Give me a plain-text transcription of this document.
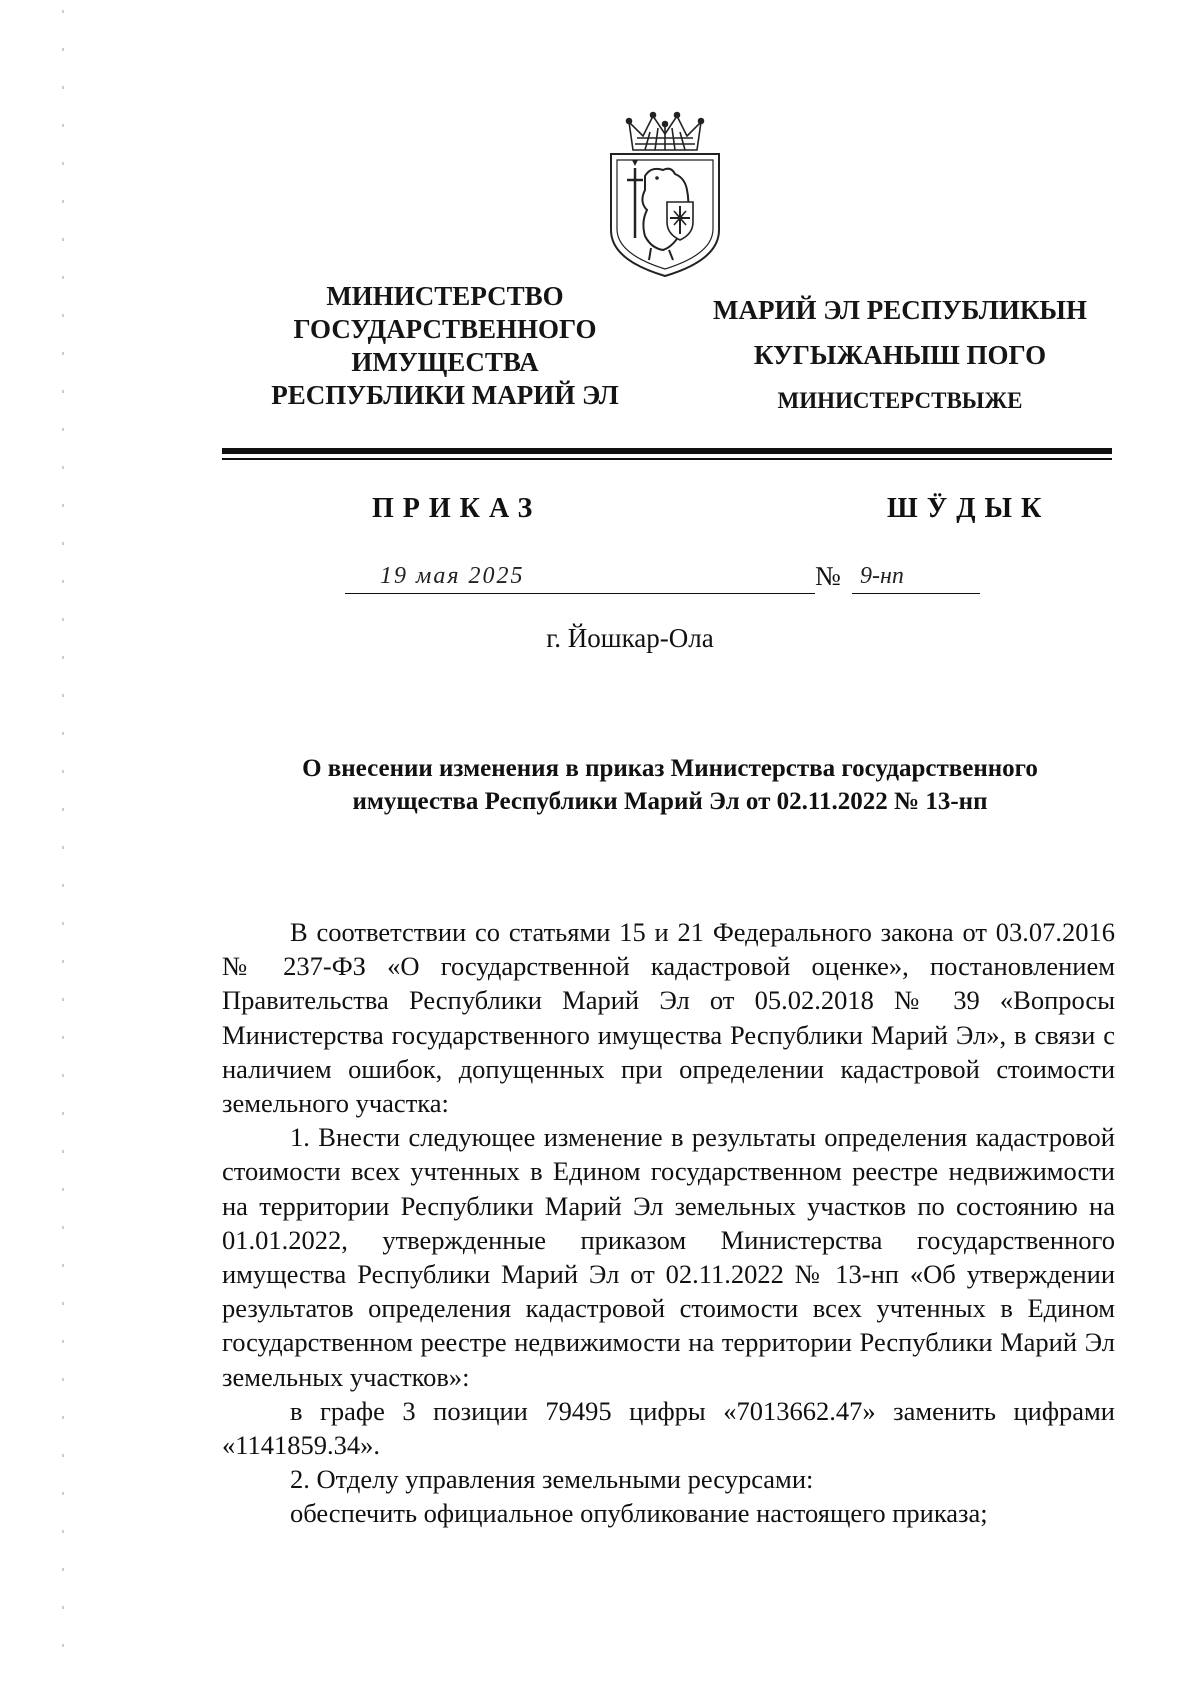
МИНИСТЕРСТВО
ГОСУДАРСТВЕННОГО
ИМУЩЕСТВА
РЕСПУБЛИКИ МАРИЙ ЭЛ
МАРИЙ ЭЛ РЕСПУБЛИКЫН
КУГЫЖАНЫШ ПОГО
МИНИСТЕРСТВЫЖЕ
ПРИКАЗ	ШӰДЫК
19 мая 2025	№ 9-нп
г. Йошкар-Ола
О внесении изменения в приказ Министерства государственного
имущества Республики Марий Эл от 02.11.2022 № 13-нп

В соответствии со статьями 15 и 21 Федерального закона от 03.07.2016 № 237-ФЗ «О государственной кадастровой оценке», постановлением Правительства Республики Марий Эл от 05.02.2018 № 39 «Вопросы Министерства государственного имущества Республики Марий Эл», в связи с наличием ошибок, допущенных при определении кадастровой стоимости земельного участка:

1. Внести следующее изменение в результаты определения кадастровой стоимости всех учтенных в Едином государственном реестре недвижимости на территории Республики Марий Эл земельных участков по состоянию на 01.01.2022, утвержденные приказом Министерства государственного имущества Республики Марий Эл от 02.11.2022 № 13-нп «Об утверждении результатов определения кадастровой стоимости всех учтенных в Едином государственном реестре недвижимости на территории Республики Марий Эл земельных участков»:

в графе 3 позиции 79495 цифры «7013662.47» заменить цифрами «1141859.34».

2. Отделу управления земельными ресурсами:

обеспечить официальное опубликование настоящего приказа;
